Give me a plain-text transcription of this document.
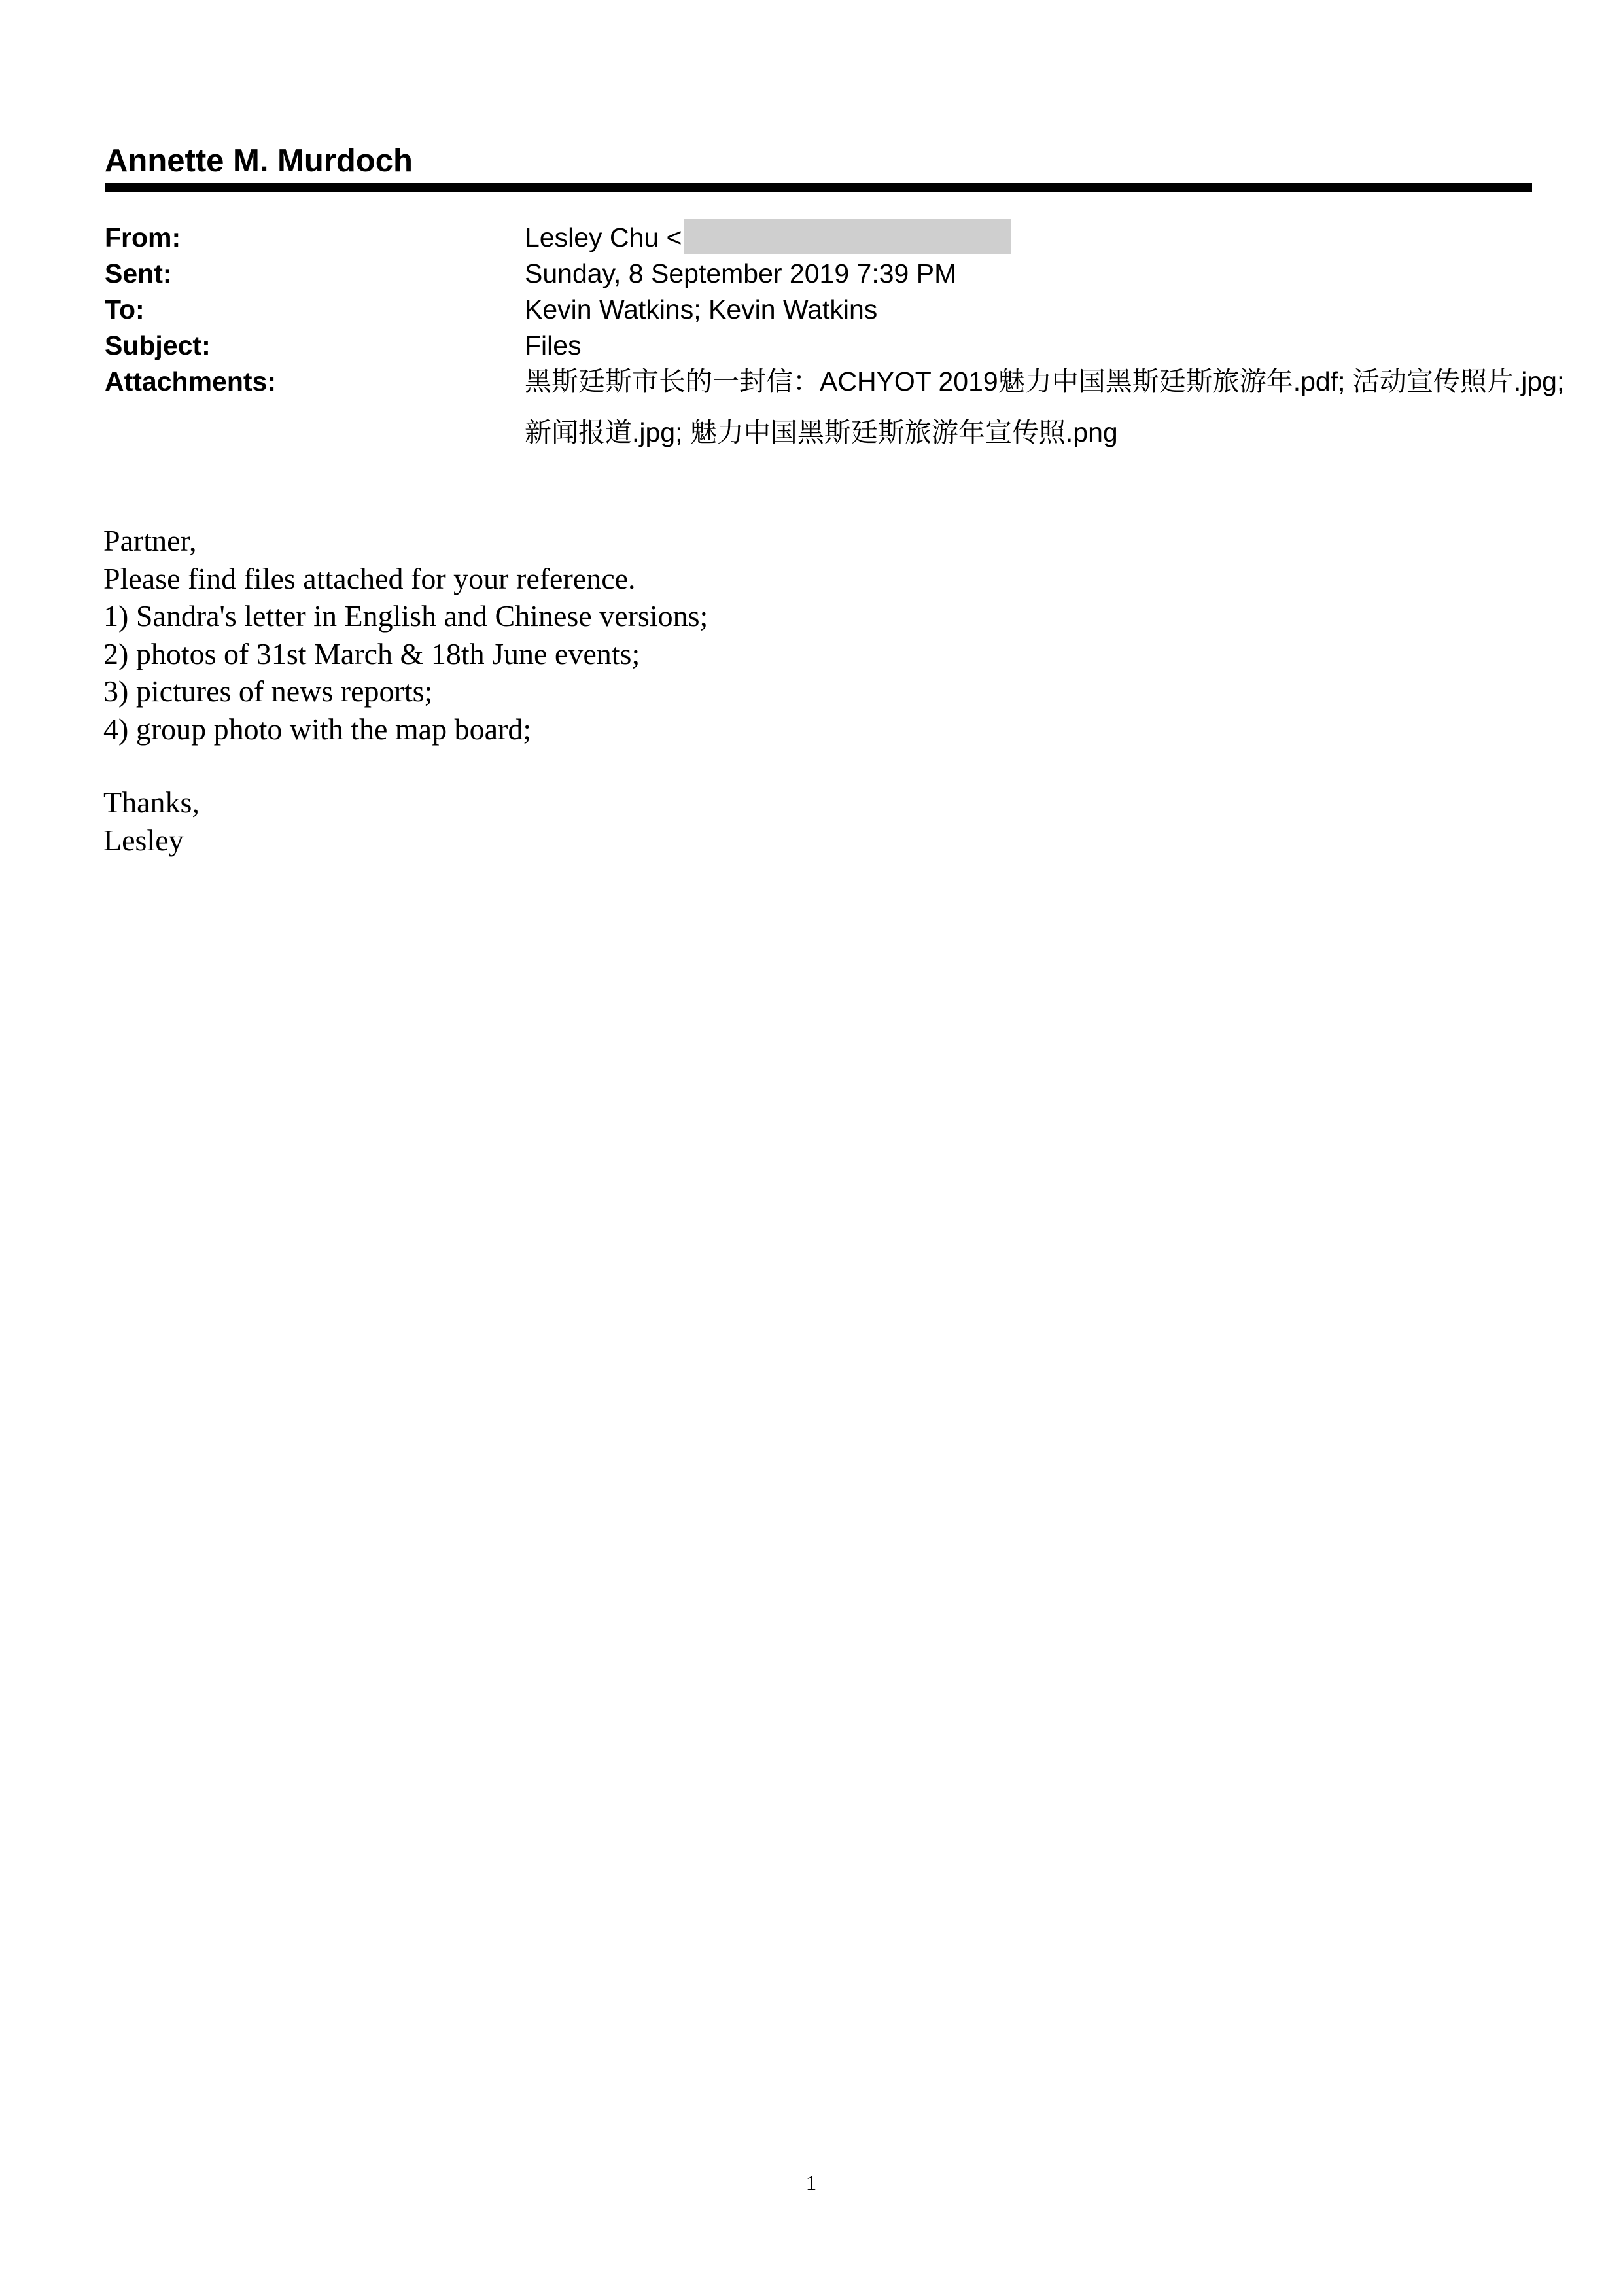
Annette M. Murdoch
From:	Lesley Chu <
Sent:	Sunday, 8 September 2019 7:39 PM
To:	Kevin Watkins; Kevin Watkins
Subject:	Files
Attachments:	黑斯廷斯市长的一封信：ACHYOT 2019魅力中国黑斯廷斯旅游年.pdf; 活动宣传照片.jpg; 新闻报道.jpg; 魅力中国黑斯廷斯旅游年宣传照.png
Partner,
Please find files attached for your reference.
1) Sandra's letter in English and Chinese versions;
2) photos of 31st March & 18th June events;
3) pictures of news reports;
4) group photo with the map board;
Thanks,
Lesley
1
